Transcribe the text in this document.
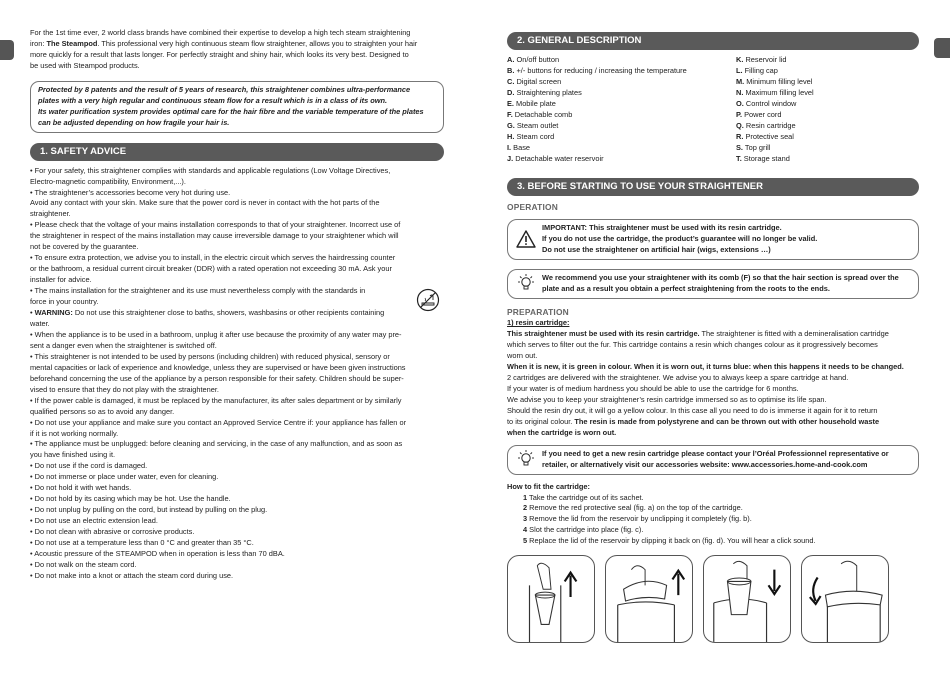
For the 1st time ever, 2 world class brands have combined their expertise to develop a high tech steam straightening

iron: The Steampod. This professional very high continuous steam flow straightener, allows you to straighten your hair

more quickly for a result that lasts longer. For perfectly straight and shiny hair, which looks its very best. Designed to

be used with Steampod products.

Protected by 8 patents and the result of 5 years of research, this straightener combines ultra-performance

plates with a very high regular and continuous steam flow for a result which is in a class of its own.

Its water purification system provides optimal care for the hair fibre and the variable temperature of the plates

can be adjusted depending on how fragile your hair is.

1. SAFETY ADVICE

• For your safety, this straightener complies with standards and applicable regulations (Low Voltage Directives,

Electro-magnetic compatibility, Environment,...).

• The straightener’s accessories become very hot during use.

Avoid any contact with your skin. Make sure that the power cord is never in contact with the hot parts of the

straightener.

• Please check that the voltage of your mains installation corresponds to that of your straightener. Incorrect use of

the straightener in respect of the mains installation may cause irreversible damage to your straightener which will

not be covered by the guarantee.

• To ensure extra protection, we advise you to install, in the electric circuit which serves the hairdressing counter

or the bathroom, a residual current circuit breaker (DDR) with a rated operation not exceeding 30 mA. Ask your

installer for advice.

• The mains installation for the straightener and its use must nevertheless comply with the standards in

force in your country.

• WARNING: Do not use this straightener close to baths, showers, washbasins or other recipients containing

water.

• When the appliance is to be used in a bathroom, unplug it after use because the proximity of any water may pre-

sent a danger even when the straightener is switched off.

• This straightener is not intended to be used by persons (including children) with reduced physical, sensory or

mental capacities or lack of experience and knowledge, unless they are supervised or have been given instructions

beforehand concerning the use of the appliance by a person responsible for their safety. Children should be super-

vised to ensure that they do not play with the straightener.

• If the power cable is damaged, it must be replaced by the manufacturer, its after sales department or by similarly

qualified persons so as to avoid any danger.

• Do not use your appliance and make sure you contact an Approved Service Centre if: your appliance has fallen or

if it is not working normally.

• The appliance must be unplugged: before cleaning and servicing, in the case of any malfunction, and as soon as

you have finished using it.

• Do not use if the cord is damaged.

• Do not immerse or place under water, even for cleaning.

• Do not hold it with wet hands.

• Do not hold by its casing which may be hot. Use the handle.

• Do not unplug by pulling on the cord, but instead by pulling on the plug.

• Do not use an electric extension lead.

• Do not clean with abrasive or corrosive products.

• Do not use at a temperature less than 0 °C and greater than 35 °C.

• Acoustic pressure of the STEAMPOD when in operation is less than 70 dBA.

• Do not walk on the steam cord.

• Do not make into a knot or attach the steam cord during use.

2. GENERAL DESCRIPTION
A. On/off button
B. +/- buttons for reducing / increasing the temperature
C. Digital screen
D. Straightening plates
E. Mobile plate
F. Detachable comb
G. Steam outlet
H. Steam cord
I. Base
J. Detachable water reservoir
K. Reservoir lid
L. Filling cap
M. Minimum filling level
N. Maximum filling level
O. Control window
P. Power cord
Q. Resin cartridge
R. Protective seal
S. Top grill
T. Storage stand
3. BEFORE STARTING TO USE YOUR STRAIGHTENER
OPERATION

IMPORTANT: This straightener must be used with its resin cartridge.

If you do not use the cartridge, the product’s guarantee will no longer be valid.

Do not use the straightener on artificial hair (wigs, extensions …)

We recommend you use your straightener with its comb (F) so that the hair section is spread over the

plate and as a result you obtain a perfect straightening from the roots to the ends.

PREPARATION

1) resin cartridge:

This straightener must be used with its resin cartridge. The straightener is fitted with a demineralisation cartridge

which serves to filter out the fur. This cartridge contains a resin which changes colour as it progressively becomes

worn out.

When it is new, it is green in colour. When it is worn out, it turns blue: when this happens it needs to be changed.

2 cartridges are delivered with the straightener. We advise you to always keep a spare cartridge at hand.

If your water is of medium hardness you should be able to use the cartridge for 6 months.

We advise you to keep your straightener’s resin cartridge immersed so as to optimise its life span.

Should the resin dry out, it will go a yellow colour. In this case all you need to do is immerse it again for it to return

to its original colour. The resin is made from polystyrene and can be thrown out with other household waste

when the cartridge is worn out.

If you need to get a new resin cartridge please contact your l’Oréal Professionnel representative or

retailer, or alternatively visit our accessories website: www.accessories.home-and-cook.com

How to fit the cartridge:

1 Take the cartridge out of its sachet.

2 Remove the red protective seal (fig. a) on the top of the cartridge.

3 Remove the lid from the reservoir by unclipping it completely (fig. b).

4 Slot the cartridge into place (fig. c).

5 Replace the lid of the reservoir by clipping it back on (fig. d). You will hear a click sound.
